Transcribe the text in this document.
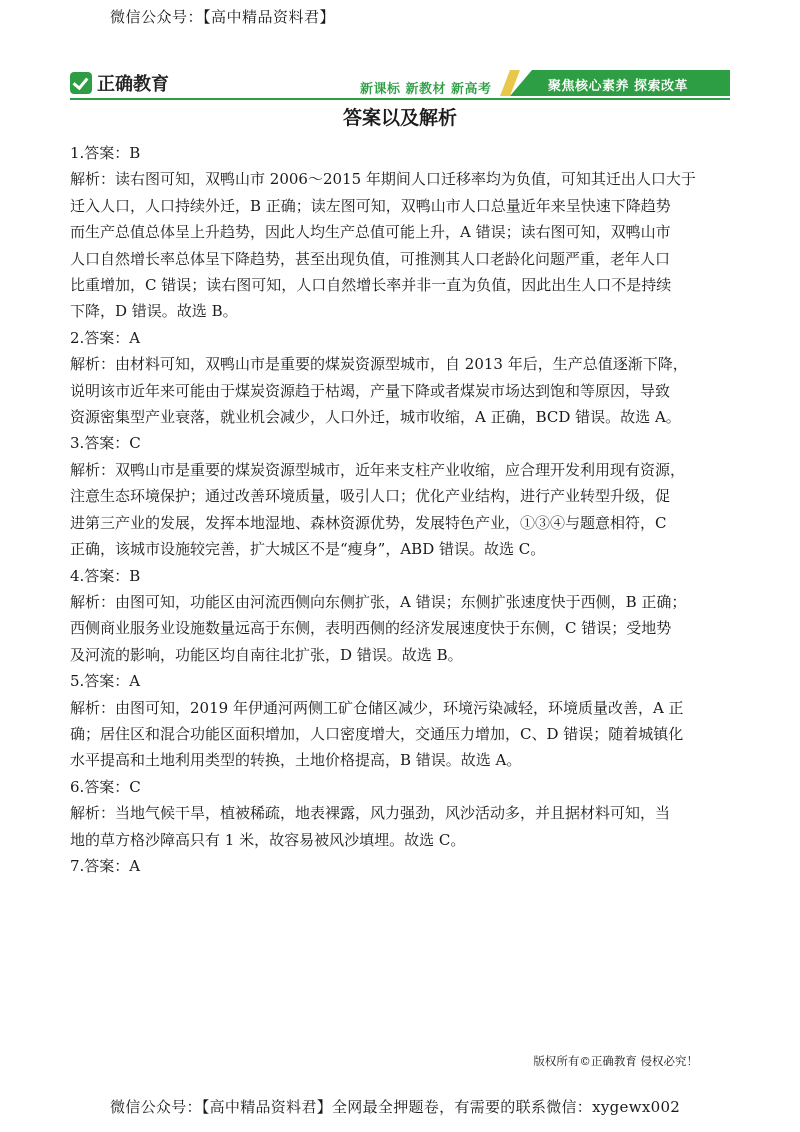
微信公众号：【高中精品资料君】
正确教育	新课标 新教材 新高考	聚焦核心素养 探索改革
答案以及解析

1.答案：B

解析：读右图可知，双鸭山市 2006～2015 年期间人口迁移率均为负值，可知其迁出人口大于

迁入人口，人口持续外迁，B 正确；读左图可知，双鸭山市人口总量近年来呈快速下降趋势

而生产总值总体呈上升趋势，因此人均生产总值可能上升，A 错误；读右图可知，双鸭山市

人口自然增长率总体呈下降趋势，甚至出现负值，可推测其人口老龄化问题严重，老年人口

比重增加，C 错误；读右图可知，人口自然增长率并非一直为负值，因此出生人口不是持续

下降，D 错误。故选 B。

2.答案：A

解析：由材料可知，双鸭山市是重要的煤炭资源型城市，自 2013 年后，生产总值逐渐下降，

说明该市近年来可能由于煤炭资源趋于枯竭，产量下降或者煤炭市场达到饱和等原因，导致

资源密集型产业衰落，就业机会减少，人口外迁，城市收缩，A 正确，BCD 错误。故选 A。

3.答案：C

解析：双鸭山市是重要的煤炭资源型城市，近年来支柱产业收缩，应合理开发利用现有资源，

注意生态环境保护；通过改善环境质量，吸引人口；优化产业结构，进行产业转型升级，促

进第三产业的发展，发挥本地湿地、森林资源优势，发展特色产业，①③④与题意相符，C

正确，该城市设施较完善，扩大城区不是“瘦身”，ABD 错误。故选 C。

4.答案：B

解析：由图可知，功能区由河流西侧向东侧扩张，A 错误；东侧扩张速度快于西侧，B 正确；

西侧商业服务业设施数量远高于东侧，表明西侧的经济发展速度快于东侧，C 错误；受地势

及河流的影响，功能区均自南往北扩张，D 错误。故选 B。

5.答案：A

解析：由图可知，2019 年伊通河两侧工矿仓储区减少，环境污染减轻，环境质量改善，A 正

确；居住区和混合功能区面积增加，人口密度增大，交通压力增加，C、D 错误；随着城镇化

水平提高和土地利用类型的转换，土地价格提高，B 错误。故选 A。

6.答案：C

解析：当地气候干旱，植被稀疏，地表裸露，风力强劲，风沙活动多，并且据材料可知，当

地的草方格沙障高只有 1 米，故容易被风沙填埋。故选 C。

7.答案：A

版权所有©正确教育 侵权必究！
微信公众号：【高中精品资料君】全网最全押题卷，有需要的联系微信：xygewx002
